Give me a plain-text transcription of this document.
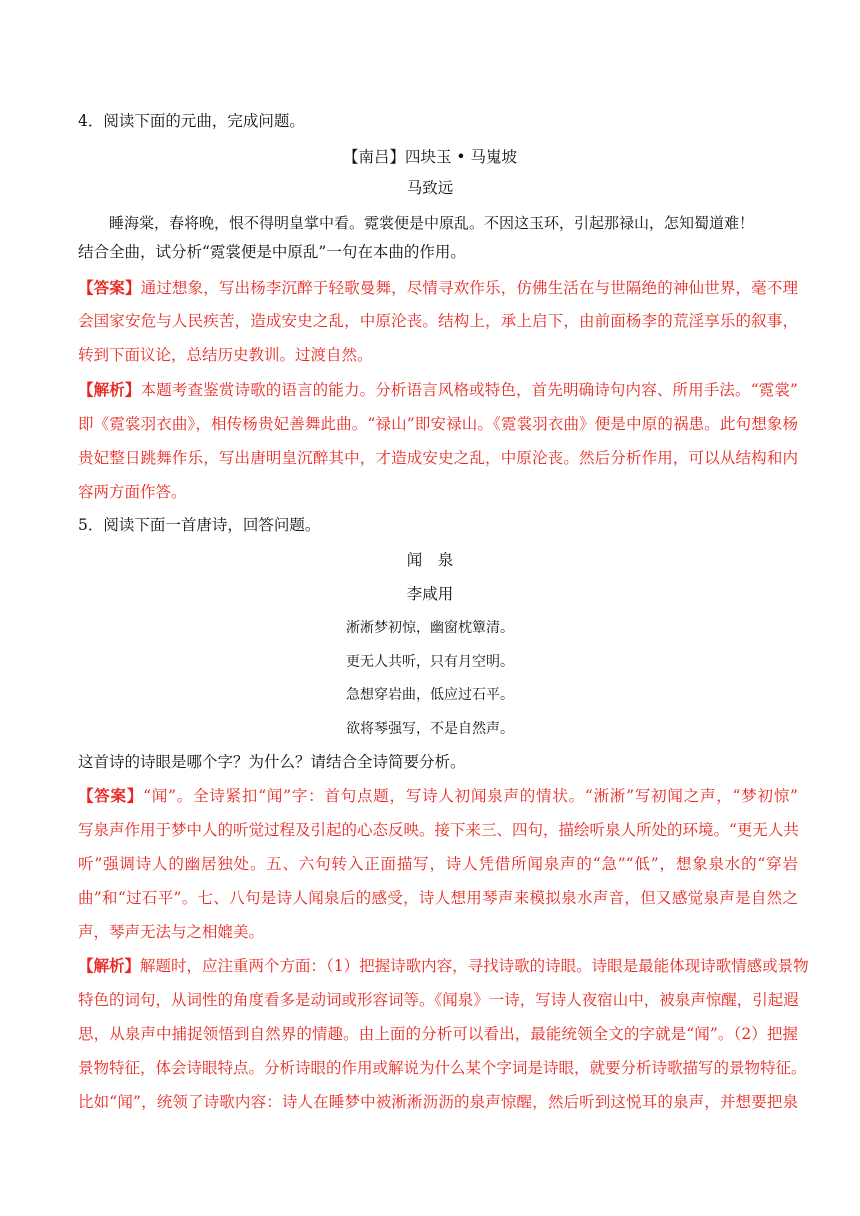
4．阅读下面的元曲，完成问题。
【南吕】四块玉 • 马嵬坡
马致远
睡海棠，春将晚，恨不得明皇掌中看。霓裳便是中原乱。不因这玉环，引起那禄山，怎知蜀道难！
结合全曲，试分析“霓裳便是中原乱”一句在本曲的作用。
【答案】通过想象，写出杨李沉醉于轻歌曼舞，尽情寻欢作乐，仿佛生活在与世隔绝的神仙世界，毫不理
会国家安危与人民疾苦，造成安史之乱，中原沦丧。结构上，承上启下，由前面杨李的荒淫享乐的叙事，
转到下面议论，总结历史教训。过渡自然。
【解析】本题考查鉴赏诗歌的语言的能力。分析语言风格或特色，首先明确诗句内容、所用手法。“霓裳”
即《霓裳羽衣曲》，相传杨贵妃善舞此曲。“禄山”即安禄山。《霓裳羽衣曲》便是中原的祸患。此句想象杨
贵妃整日跳舞作乐，写出唐明皇沉醉其中，才造成安史之乱，中原沦丧。然后分析作用，可以从结构和内
容两方面作答。
5．阅读下面一首唐诗，回答问题。
闻　泉
李咸用
淅淅梦初惊，幽窗枕簟清。
更无人共听，只有月空明。
急想穿岩曲，低应过石平。
欲将琴强写，不是自然声。
这首诗的诗眼是哪个字？为什么？请结合全诗简要分析。
【答案】“闻”。全诗紧扣“闻”字：首句点题，写诗人初闻泉声的情状。“淅淅”写初闻之声，“梦初惊”
写泉声作用于梦中人的听觉过程及引起的心态反映。接下来三、四句，描绘听泉人所处的环境。“更无人共
听”强调诗人的幽居独处。五、六句转入正面描写，诗人凭借所闻泉声的“急”“低”，想象泉水的“穿岩
曲”和“过石平”。七、八句是诗人闻泉后的感受，诗人想用琴声来模拟泉水声音，但又感觉泉声是自然之
声，琴声无法与之相媲美。
【解析】解题时，应注重两个方面：（1）把握诗歌内容，寻找诗歌的诗眼。诗眼是最能体现诗歌情感或景物
特色的词句，从词性的角度看多是动词或形容词等。《闻泉》一诗，写诗人夜宿山中，被泉声惊醒，引起遐
思，从泉声中捕捉领悟到自然界的情趣。由上面的分析可以看出，最能统领全文的字就是“闻”。（2）把握
景物特征，体会诗眼特点。分析诗眼的作用或解说为什么某个字词是诗眼，就要分析诗歌描写的景物特征。
比如“闻”，统领了诗歌内容：诗人在睡梦中被淅淅沥沥的泉声惊醒，然后听到这悦耳的泉声，并想要把泉
